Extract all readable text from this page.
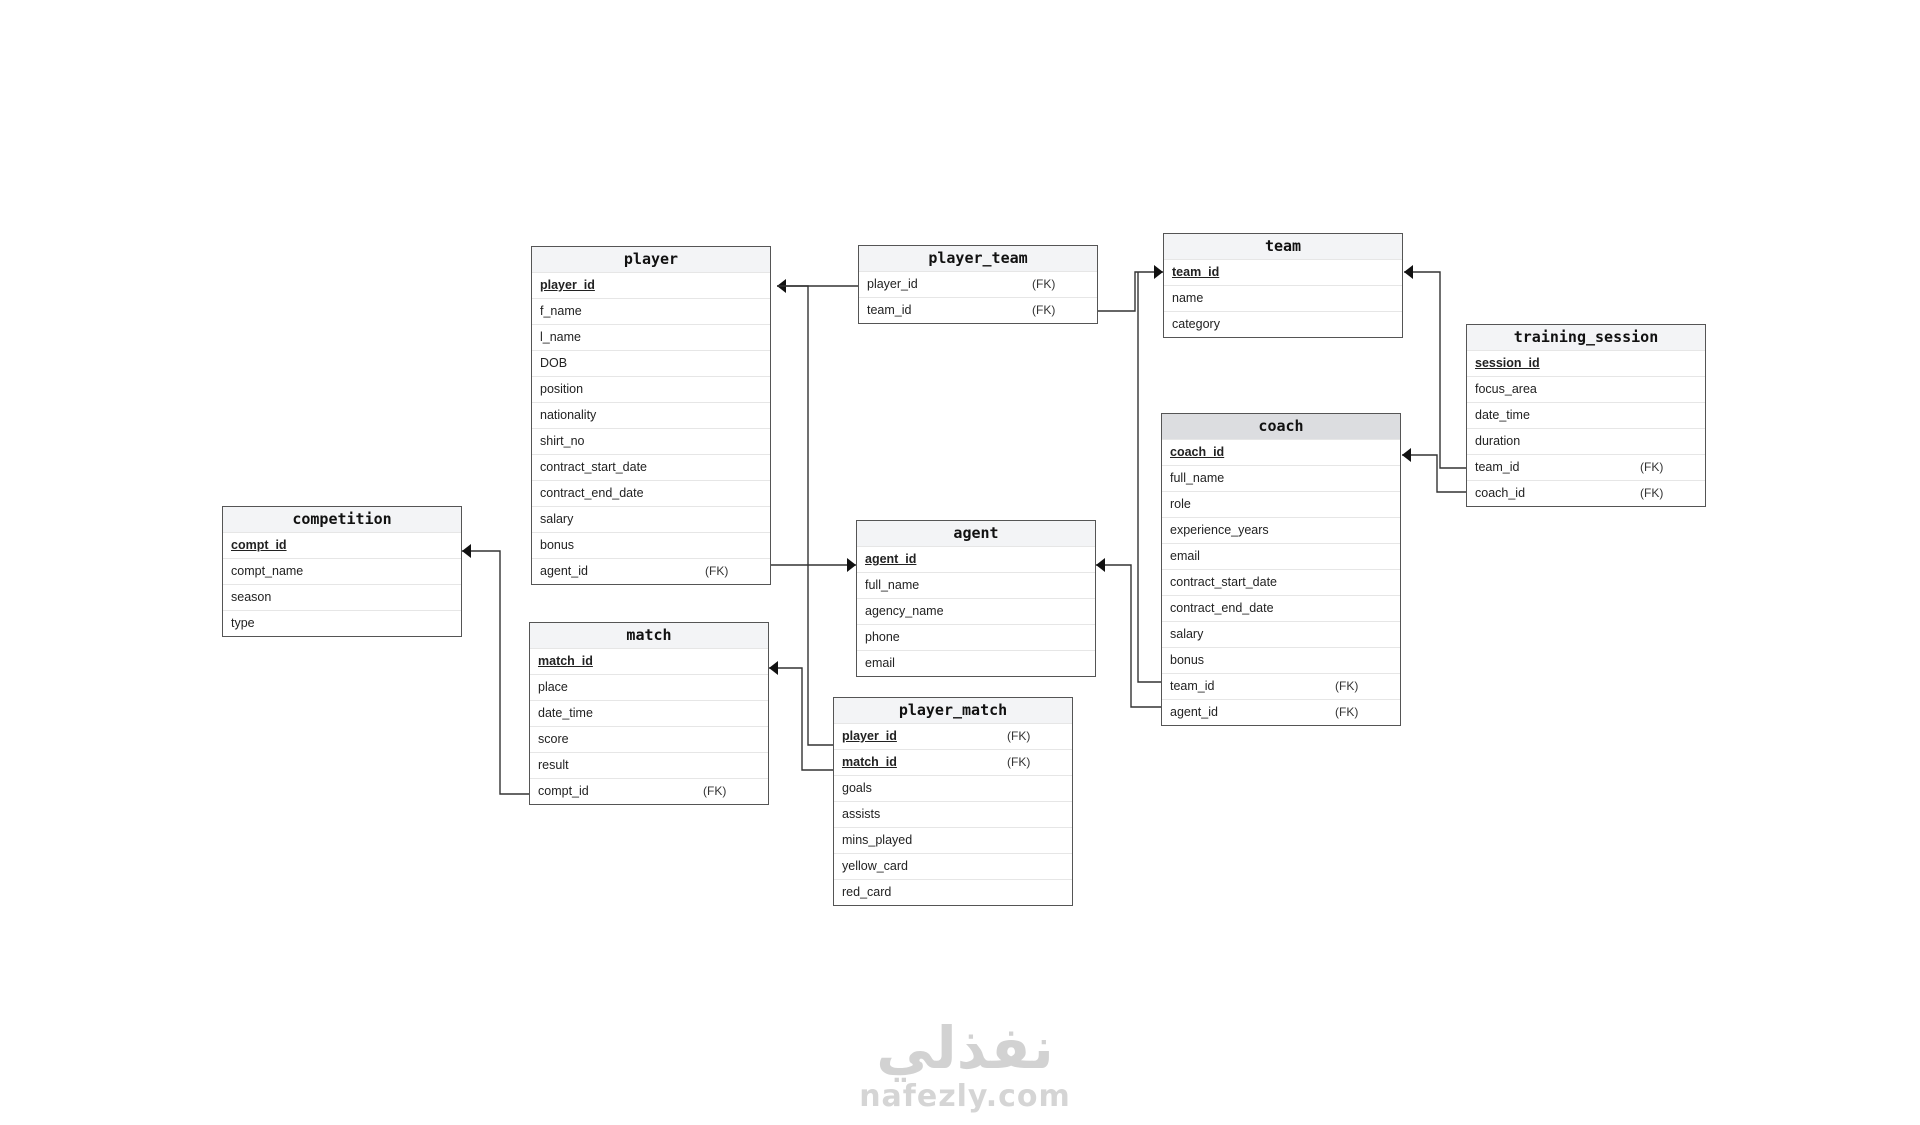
player
player_id
f_name
l_name
DOB
position
nationality
shirt_no
contract_start_date
contract_end_date
salary
bonus
agent_id	(FK)
player_team
player_id	(FK)
team_id	(FK)
team
team_id
name
category
training_session
session_id
focus_area
date_time
duration
team_id	(FK)
coach_id	(FK)
coach
coach_id
full_name
role
experience_years
email
contract_start_date
contract_end_date
salary
bonus
team_id	(FK)
agent_id	(FK)
agent
agent_id
full_name
agency_name
phone
email
competition
compt_id
compt_name
season
type
match
match_id
place
date_time
score
result
compt_id	(FK)
player_match
player_id	(FK)
match_id	(FK)
goals
assists
mins_played
yellow_card
red_card
نفذلي
nafezly.com
